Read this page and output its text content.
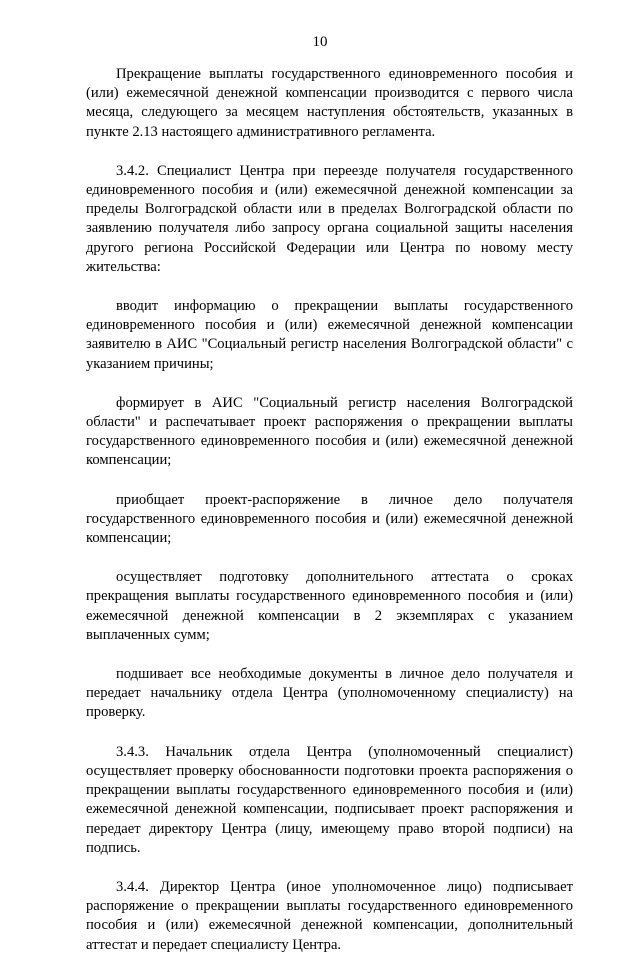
10

Прекращение выплаты государственного единовременного пособия и (или) ежемесячной денежной компенсации производится с первого числа месяца, следующего за месяцем наступления обстоятельств, указанных в пункте 2.13 настоящего административного регламента.

3.4.2. Специалист Центра при переезде получателя государственного единовременного пособия и (или) ежемесячной денежной компенсации за пределы Волгоградской области или в пределах Волгоградской области по заявлению получателя либо запросу органа социальной защиты населения другого региона Российской Федерации или Центра по новому месту жительства:

вводит информацию о прекращении выплаты государственного единовременного пособия и (или) ежемесячной денежной компенсации заявителю в АИС "Социальный регистр населения Волгоградской области" с указанием причины;

формирует в АИС "Социальный регистр населения Волгоградской области" и распечатывает проект распоряжения о прекращении выплаты государственного единовременного пособия и (или) ежемесячной денежной компенсации;

приобщает проект-распоряжение в личное дело получателя государственного единовременного пособия и (или) ежемесячной денежной компенсации;

осуществляет подготовку дополнительного аттестата о сроках прекращения выплаты государственного единовременного пособия и (или) ежемесячной денежной компенсации в 2 экземплярах с указанием выплаченных сумм;

подшивает все необходимые документы в личное дело получателя и передает начальнику отдела Центра (уполномоченному специалисту) на проверку.

3.4.3. Начальник отдела Центра (уполномоченный специалист) осуществляет проверку обоснованности подготовки проекта распоряжения о прекращении выплаты государственного единовременного пособия и (или) ежемесячной денежной компенсации, подписывает проект распоряжения и передает директору Центра (лицу, имеющему право второй подписи) на подпись.

3.4.4. Директор Центра (иное уполномоченное лицо) подписывает распоряжение о прекращении выплаты государственного единовременного пособия и (или) ежемесячной денежной компенсации, дополнительный аттестат и передает специалисту Центра.
